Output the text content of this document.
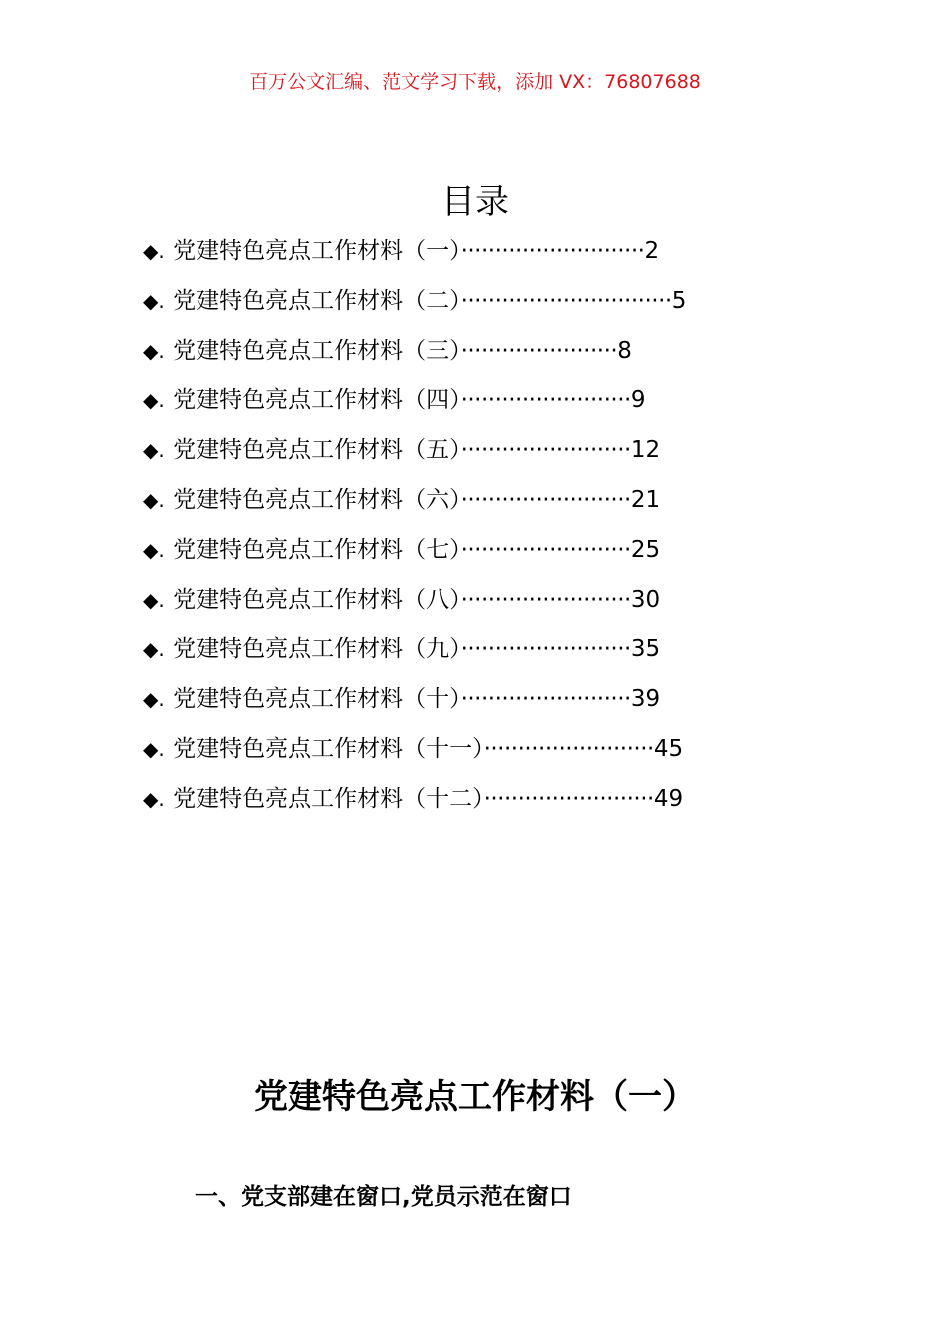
百万公文汇编、范文学习下载，添加 VX：76807688
目录
◆. 党建特色亮点工作材料（一）···························2
◆. 党建特色亮点工作材料（二）·······························5
◆. 党建特色亮点工作材料（三）·······················8
◆. 党建特色亮点工作材料（四）·························9
◆. 党建特色亮点工作材料（五）·························12
◆. 党建特色亮点工作材料（六）·························21
◆. 党建特色亮点工作材料（七）·························25
◆. 党建特色亮点工作材料（八）·························30
◆. 党建特色亮点工作材料（九）·························35
◆. 党建特色亮点工作材料（十）·························39
◆. 党建特色亮点工作材料（十一）·························45
◆. 党建特色亮点工作材料（十二）·························49
党建特色亮点工作材料（一）
一、党支部建在窗口,党员示范在窗口
